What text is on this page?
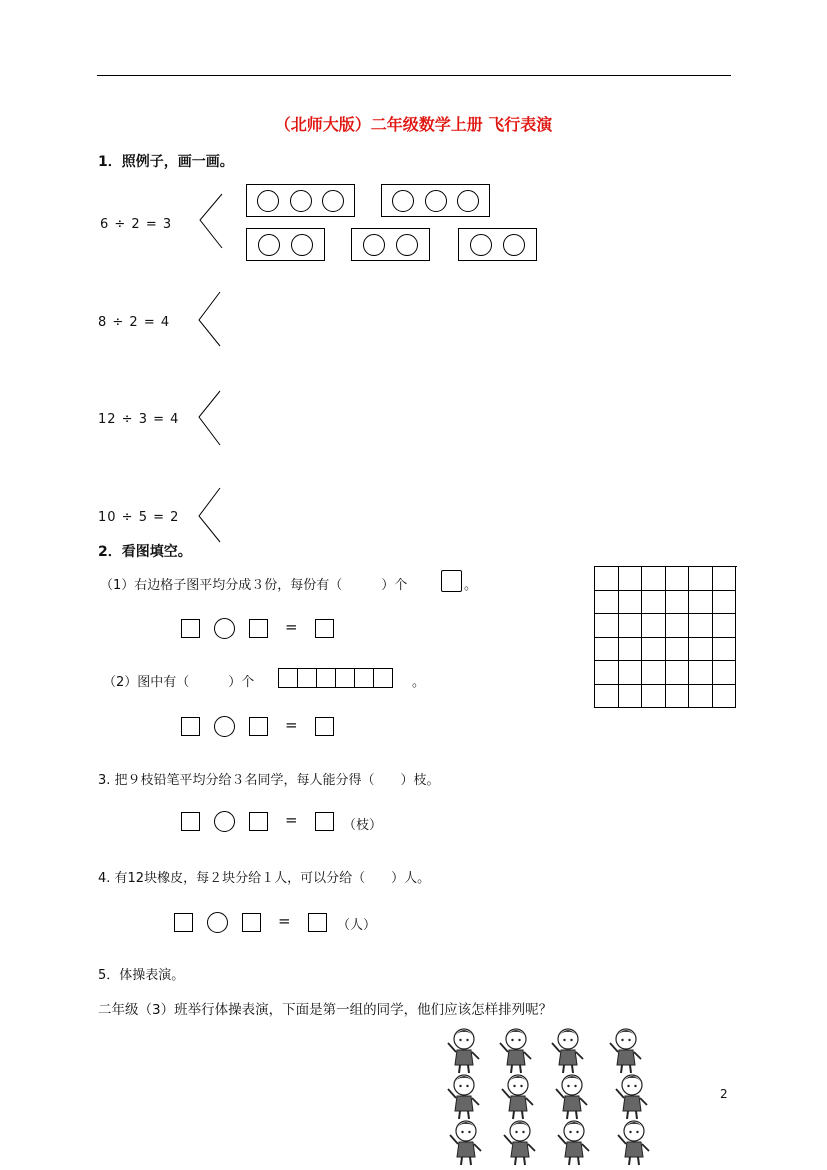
（北师大版）二年级数学上册 飞行表演
1．照例子，画一画。
6 ÷ 2 = 3
8 ÷ 2 = 4
12 ÷ 3 = 4
10 ÷ 5 = 2
2．看图填空。
（1）右边格子图平均分成３份，每份有（　　　）个	。
=
（2）图中有（　　　）个	。
=
3. 把９枝铅笔平均分给３名同学，每人能分得（　　）枝。
=	（枝）
4. 有12块橡皮，每２块分给１人，可以分给（　　）人。
=	（人）
5．体操表演。
二年级（3）班举行体操表演，下面是第一组的同学，他们应该怎样排列呢？
2
